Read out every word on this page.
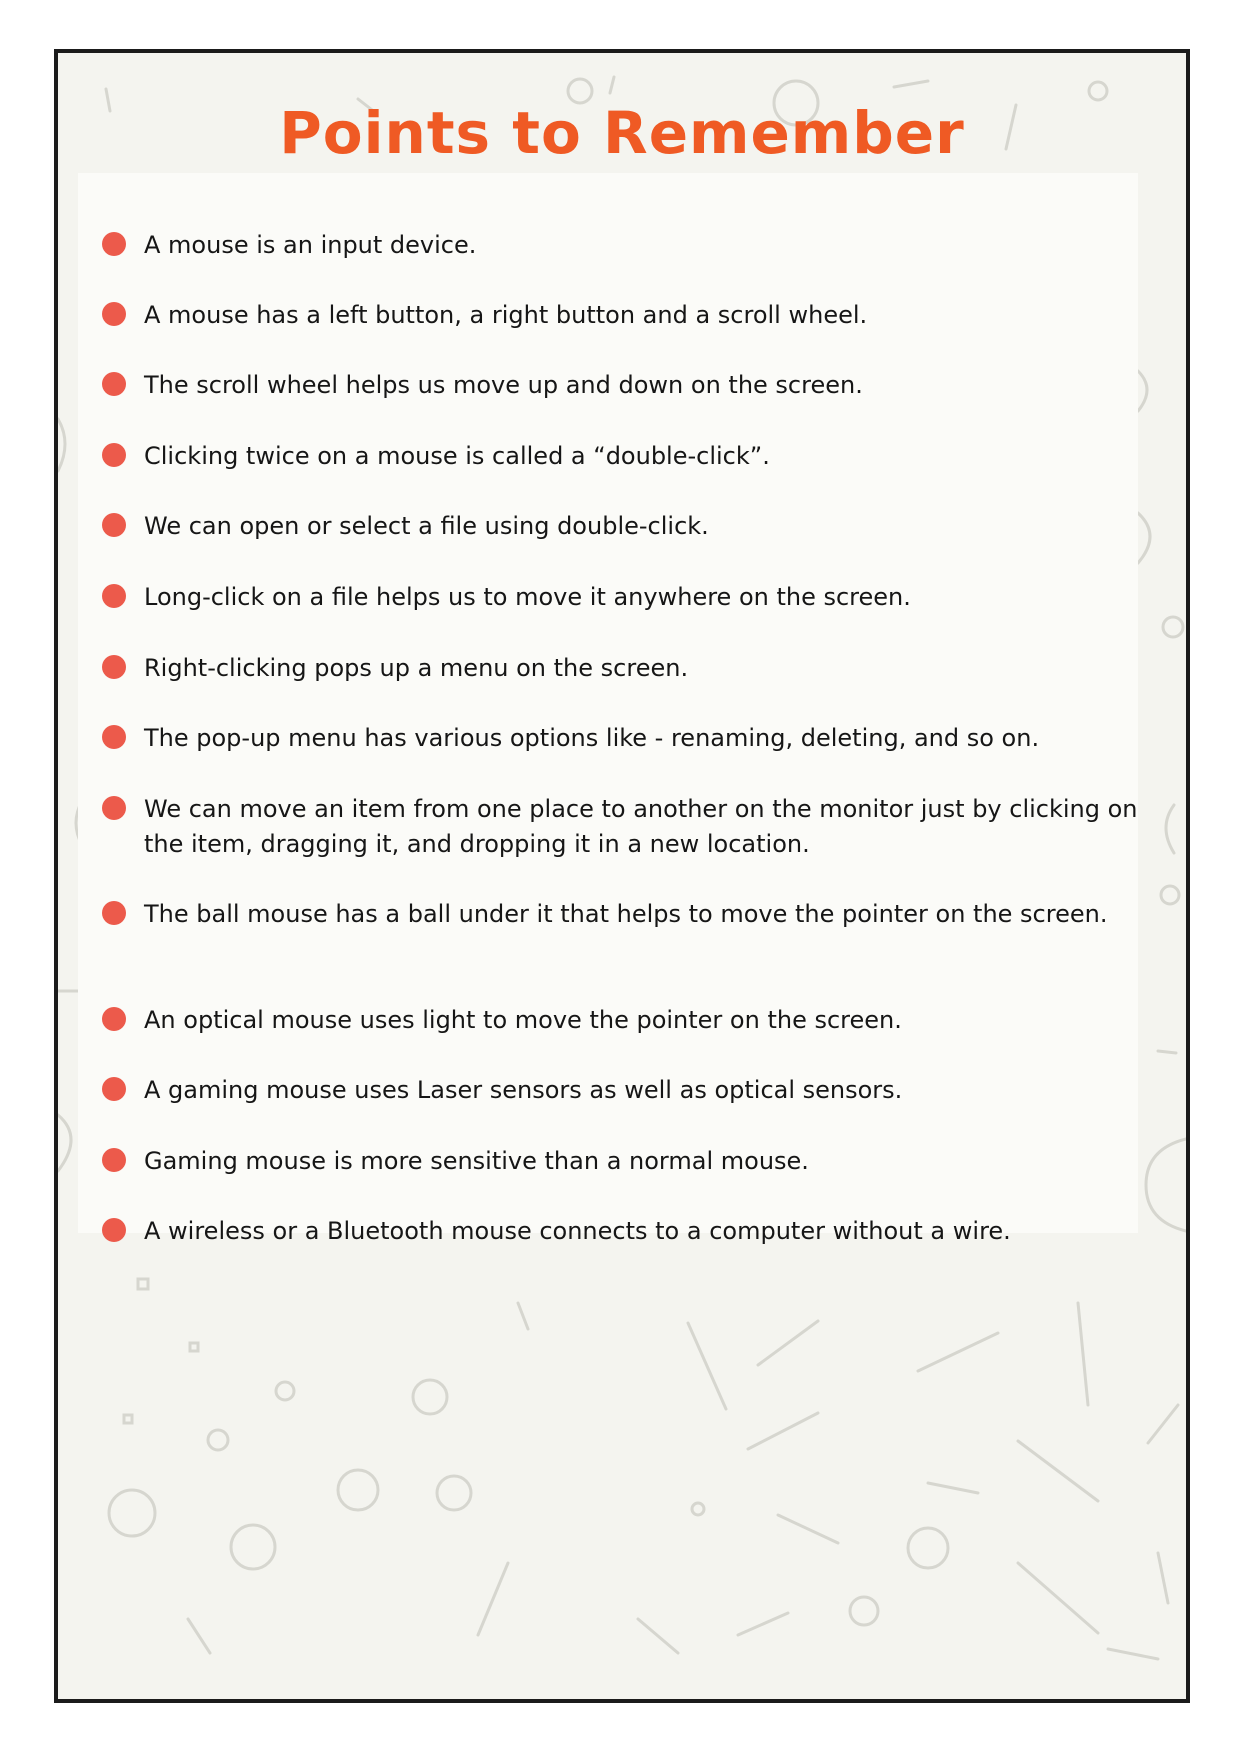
Points to Remember
A mouse is an input device.
A mouse has a left button, a right button and a scroll wheel.
The scroll wheel helps us move up and down on the screen.
Clicking twice on a mouse is called a “double-click”.
We can open or select a file using double-click.
Long-click on a file helps us to move it anywhere on the screen.
Right-clicking pops up a menu on the screen.
The pop-up menu has various options like - renaming, deleting, and so on.
We can move an item from one place to another on the monitor just by clicking on the item, dragging it, and dropping it in a new location.
The ball mouse has a ball under it that helps to move the pointer on the screen.
An optical mouse uses light to move the pointer on the screen.
A gaming mouse uses Laser sensors as well as optical sensors.
Gaming mouse is more sensitive than a normal mouse.
A wireless or a Bluetooth mouse connects to a computer without a wire.
